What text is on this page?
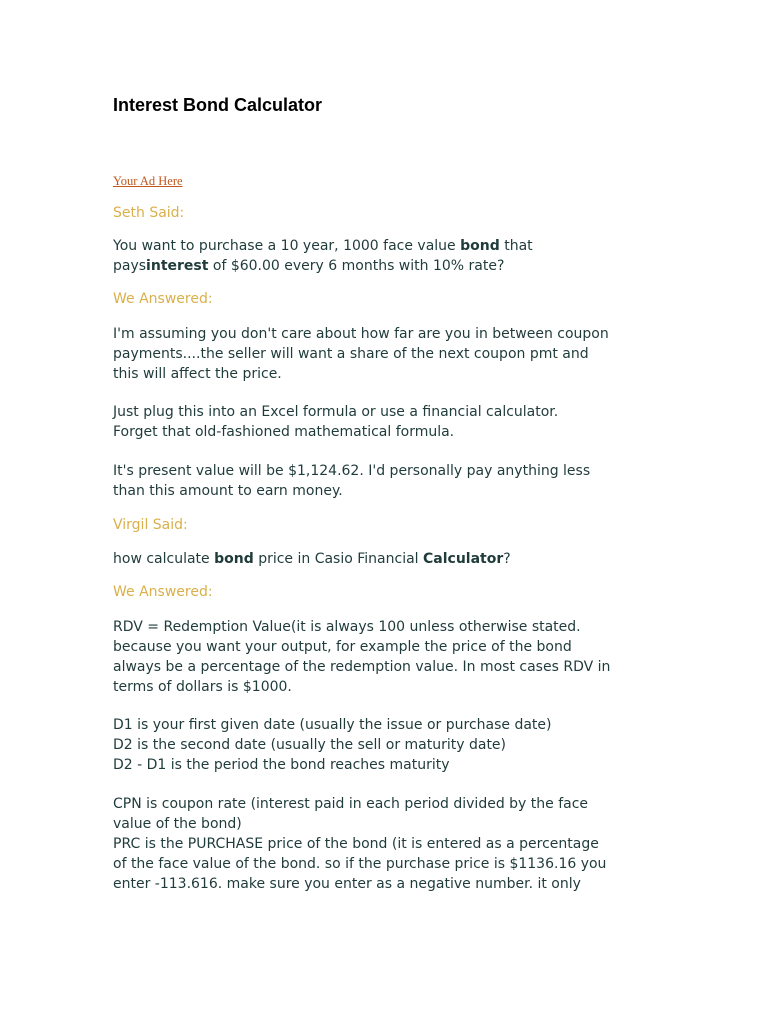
Interest Bond Calculator
Your Ad Here
Seth Said:
You want to purchase a 10 year, 1000 face value bond that
paysinterest of $60.00 every 6 months with 10% rate?
We Answered:
I'm assuming you don't care about how far are you in between coupon
payments....the seller will want a share of the next coupon pmt and
this will affect the price.
Just plug this into an Excel formula or use a financial calculator.
Forget that old-fashioned mathematical formula.
It's present value will be $1,124.62. I'd personally pay anything less
than this amount to earn money.
Virgil Said:
how calculate bond price in Casio Financial Calculator?
We Answered:
RDV = Redemption Value(it is always 100 unless otherwise stated.
because you want your output, for example the price of the bond
always be a percentage of the redemption value. In most cases RDV in
terms of dollars is $1000.
D1 is your first given date (usually the issue or purchase date)
D2 is the second date (usually the sell or maturity date)
D2 - D1 is the period the bond reaches maturity
CPN is coupon rate (interest paid in each period divided by the face
value of the bond)
PRC is the PURCHASE price of the bond (it is entered as a percentage
of the face value of the bond. so if the purchase price is $1136.16 you
enter -113.616. make sure you enter as a negative number. it only
